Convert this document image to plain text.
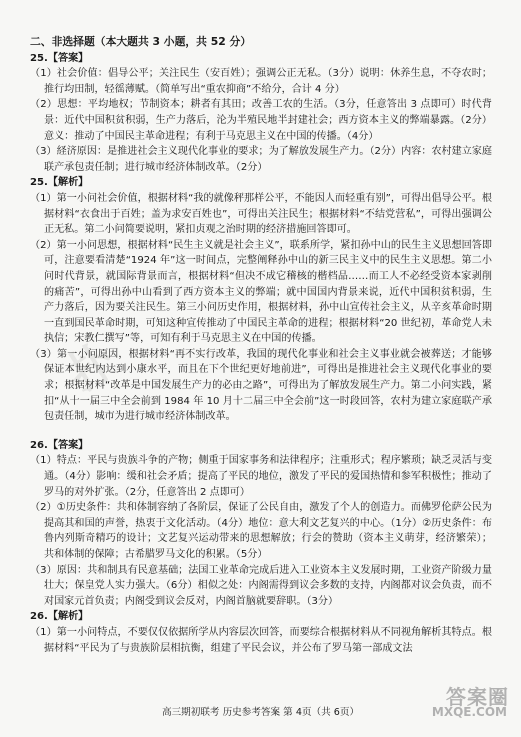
扑
二、非选择题（本大题共 3 小题，共 52 分）

25.【答案】

（1）社会价值：倡导公平；关注民生（安百姓）；强调公正无私。（3分）说明：休养生息，不夺农时；推行均田制，轻徭薄赋。（简单写出“重农抑商”不给分，合计 4 分）

（2）思想：平均地权；节制资本；耕者有其田；改善工农的生活。（3分，任意答出 3 点即可）时代背景：近代中国积贫积弱，生产力落后，沦为半殖民地半封建社会；西方资本主义的弊端暴露。（2分）意义：推动了中国民主革命进程；有利于马克思主义在中国的传播。（4分）

（3）経济原因：是推进社会主义现代化事业的要求；为了解放发展生产力。（2分）内容：农村建立家庭联产承包责任制；进行城市经济体制改革。（2分）

25.【解析】

（1）第一小问社会价值，根据材料“我的就像秤那样公平，不能因人而轻重有别”，可得出倡导公平。根据材料“衣食出于百姓；盖为求安百姓也”，可得出关注民生；根据材料“不结党营私”，可得出强调公正无私。第二小问简要说明，紧扣贞观之治时期的经济措施回答即可。

（2）第一小问思想，根据材料“民生主义就是社会主义”，联系所学，紧扣孙中山的民生主义思想回答即可，注意要看清楚“1924 年”这一时间点，完整阐释孙中山的新三民主义中的民生主义思想。第二小问时代背景，就国际背景而言，根据材料“但决不成它稽核的楷档品……而工人不必经受资本家剥削的痛苦”，可得出孙中山看到了西方资本主义的弊端；就中国国内背景来说，近代中国积贫积弱，生产力落后，因为要关注民生。第三小问历史作用，根据材料，孙中山宣传社会主义，从辛亥革命时期一直到国民革命时期，可知这种宣传推动了中国民主革命的进程；根据材料“20 世纪初，革命党人未执信；宋教仁撰写”等，可知有利于马克思主义在中国的传播。

（3）第一小问原因，根据材料“再不实行改革，我国的现代化事业和社会主义事业就会被葬送；才能够保证本世纪内达到小康水平，而且在下个世纪更好地前进”，可得出是推进社会主义现代化事业的要求；根据材料“改革是中国发展生产力的必由之路”，可得出为了解放发展生产力。第二小问实践，紧扣“从十一届三中全会前到 1984 年 10 月十二届三中全会前”这一时段回答，农村为建立家庭联产承包责任制，城市为进行城市经济体制改革。

26.【答案】

（1）特点：平民与贵族斗争的产物；侧重于国家事务和法律程序；注重形式；程序繁琐；缺乏灵活与变通。（4分）影响：缓和社会矛盾；提高了平民的地位，激发了平民的爱国热情和参军积极性；推动了罗马的对外扩张。（2分，任意答出 2 点即可）

（2）①历史条件：共和体制容纳了各阶层，保证了公民自由，激发了个人的创造力。而佛罗伦萨公民为提高其和国的声誉，热衷于文化活动。（4分）地位：意大利文艺复兴的中心。（1分）②历史条件：布鲁内列斯奇精巧的设计；文艺复兴运动带来的思想解放；行会的赞助（资本主义萌芽，经济繁荣）；共和体制的保障；古希腊罗马文化的积累。（5分）

（3）原因：共和制具有民意基础；法国工业革命完成后进入工业资本主义发展时期，工业资产阶级力量壮大；保皇党人实力强大。（6分）相似之处：内阁需得到议会多数的支持，内阁都对议会负责，而不对国家元首负责；内阁受到议会反对，内阁首脑就要辞职。（3分）

26.【解析】

（1）第一小问特点，不要仅仅依据所学从内容层次回答，而要综合根据材料从不同视角解析其特点。根据材料“平民为了与贵族阶层相抗衡，组建了平民会议，并公布了罗马第一部成文法

高三期初联考 历史参考答案 第 4页（共 6页）
答案圈
MXQE.COM
